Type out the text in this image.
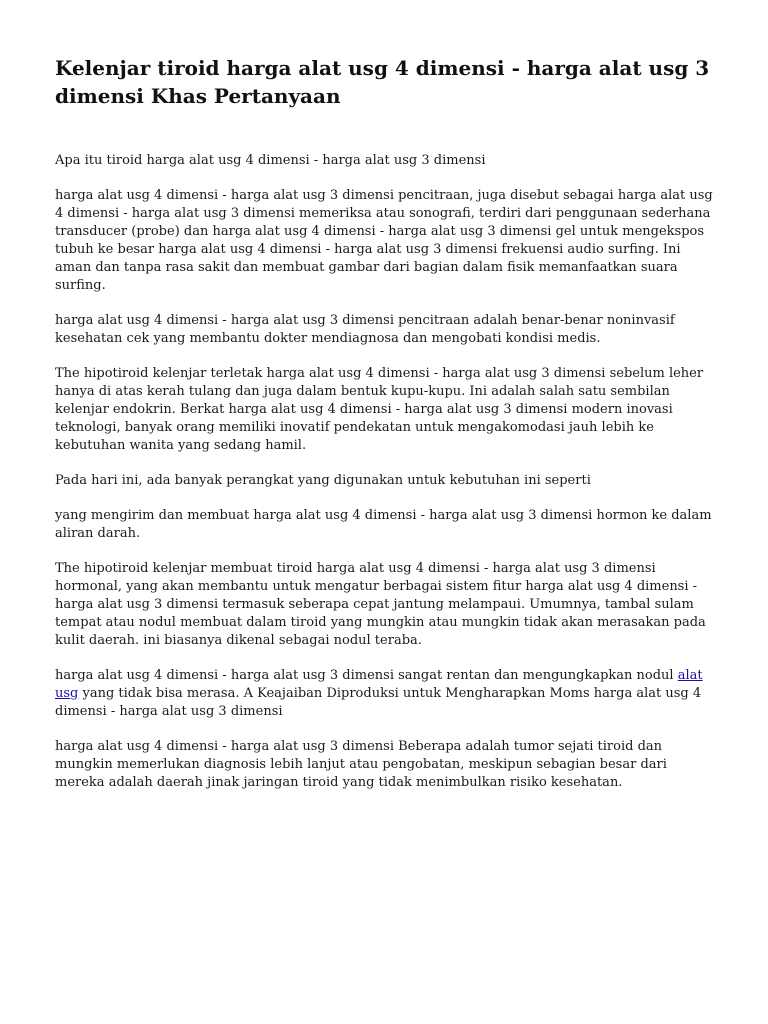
Kelenjar tiroid harga alat usg 4 dimensi - harga alat usg 3 dimensi Khas Pertanyaan

Apa itu tiroid harga alat usg 4 dimensi - harga alat usg 3 dimensi

harga alat usg 4 dimensi - harga alat usg 3 dimensi pencitraan, juga disebut sebagai harga alat usg 4 dimensi - harga alat usg 3 dimensi memeriksa atau sonografi, terdiri dari penggunaan sederhana transducer (probe) dan harga alat usg 4 dimensi - harga alat usg 3 dimensi gel untuk mengekspos tubuh ke besar harga alat usg 4 dimensi - harga alat usg 3 dimensi frekuensi audio surfing. Ini aman dan tanpa rasa sakit dan membuat gambar dari bagian dalam fisik memanfaatkan suara surfing.

harga alat usg 4 dimensi - harga alat usg 3 dimensi pencitraan adalah benar-benar noninvasif kesehatan cek yang membantu dokter mendiagnosa dan mengobati kondisi medis.

The hipotiroid kelenjar terletak harga alat usg 4 dimensi - harga alat usg 3 dimensi sebelum leher hanya di atas kerah tulang dan juga dalam bentuk kupu-kupu. Ini adalah salah satu sembilan kelenjar endokrin. Berkat harga alat usg 4 dimensi - harga alat usg 3 dimensi modern inovasi teknologi, banyak orang memiliki inovatif pendekatan untuk mengakomodasi jauh lebih ke kebutuhan wanita yang sedang hamil.

Pada hari ini, ada banyak perangkat yang digunakan untuk kebutuhan ini seperti

yang mengirim dan membuat harga alat usg 4 dimensi - harga alat usg 3 dimensi hormon ke dalam aliran darah.

The hipotiroid kelenjar membuat tiroid harga alat usg 4 dimensi - harga alat usg 3 dimensi hormonal, yang akan membantu untuk mengatur berbagai sistem fitur harga alat usg 4 dimensi - harga alat usg 3 dimensi termasuk seberapa cepat jantung melampaui. Umumnya, tambal sulam tempat atau nodul membuat dalam tiroid yang mungkin atau mungkin tidak akan merasakan pada kulit daerah. ini biasanya dikenal sebagai nodul teraba.

harga alat usg 4 dimensi - harga alat usg 3 dimensi sangat rentan dan mengungkapkan nodul alat usg yang tidak bisa merasa. A Keajaiban Diproduksi untuk Mengharapkan Moms harga alat usg 4 dimensi - harga alat usg 3 dimensi

harga alat usg 4 dimensi - harga alat usg 3 dimensi Beberapa adalah tumor sejati tiroid dan mungkin memerlukan diagnosis lebih lanjut atau pengobatan, meskipun sebagian besar dari mereka adalah daerah jinak jaringan tiroid yang tidak menimbulkan risiko kesehatan.
